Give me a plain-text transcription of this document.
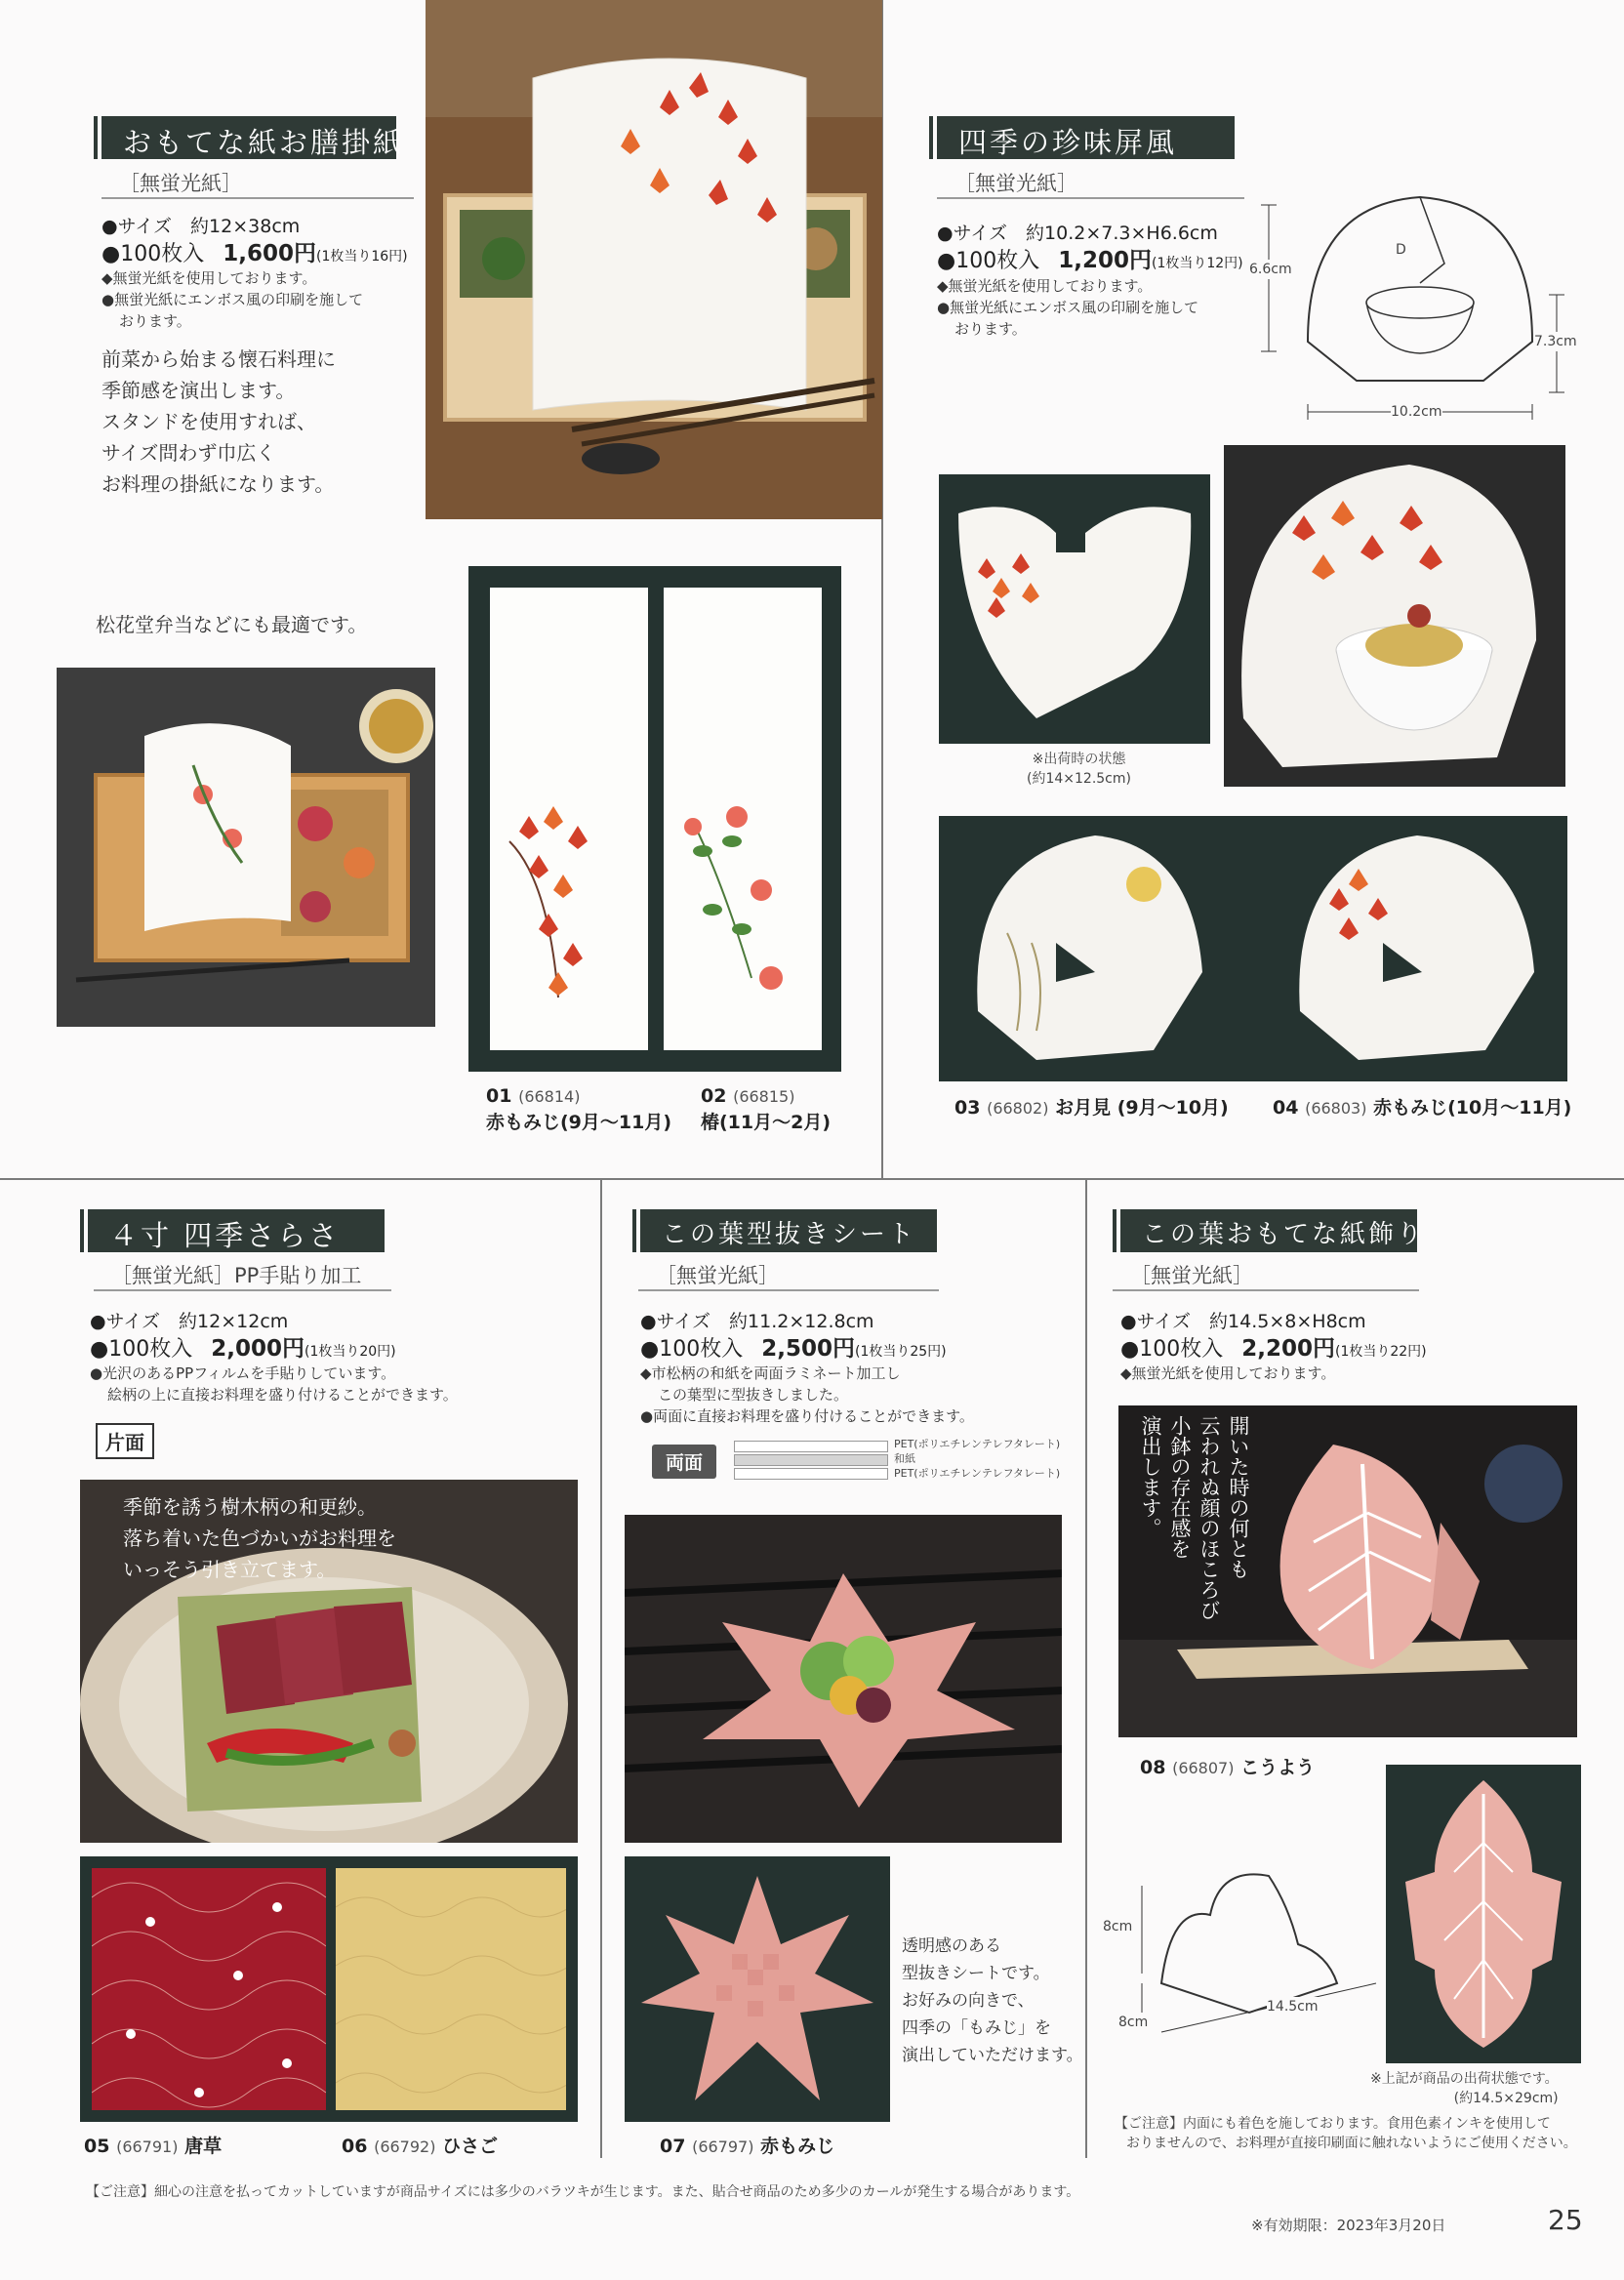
おもてな紙お膳掛紙
［無蛍光紙］
●サイズ　約12×38cm
●100枚入　 1,600円(1枚当り16円)
◆無蛍光紙を使用しております。
●無蛍光紙にエンボス風の印刷を施して
おります。
前菜から始まる懐石料理に
季節感を演出します。
スタンドを使用すれば、
サイズ問わず巾広く
お料理の掛紙になります。
松花堂弁当などにも最適です。
01 (66814)
赤もみじ(9月～11月)
02 (66815)
椿(11月～2月)
四季の珍味屏風
［無蛍光紙］
●サイズ　約10.2×7.3×H6.6cm
●100枚入　 1,200円(1枚当り12円)
◆無蛍光紙を使用しております。
●無蛍光紙にエンボス風の印刷を施して
おります。
6.6cm
7.3cm
10.2cm
D
※出荷時の状態
(約14×12.5cm)
03 (66802) お月見 (9月～10月) 04 (66803) 赤もみじ(10月～11月)
４寸 四季さらさ
［無蛍光紙］PP手貼り加工
●サイズ　約12×12cm
●100枚入　 2,000円(1枚当り20円)
●光沢のあるPPフィルムを手貼りしています。
絵柄の上に直接お料理を盛り付けることができます。
片面
季節を誘う樹木柄の和更紗。
落ち着いた色づかいがお料理を
いっそう引き立てます。
05 (66791) 唐草	06 (66792) ひさご
この葉型抜きシート
［無蛍光紙］
●サイズ　約11.2×12.8cm
●100枚入　 2,500円(1枚当り25円)
◆市松柄の和紙を両面ラミネート加工し
この葉型に型抜きしました。
●両面に直接お料理を盛り付けることができます。
両面
PET(ポリエチレンテレフタレート)
和紙
PET(ポリエチレンテレフタレート)
透明感のある
型抜きシートです。
お好みの向きで、
四季の「もみじ」を
演出していただけます。
07 (66797) 赤もみじ
この葉おもてな紙飾り
［無蛍光紙］
●サイズ　約14.5×8×H8cm
●100枚入　 2,200円(1枚当り22円)
◆無蛍光紙を使用しております。
開いた時の何とも
云われぬ顔のほころび
小鉢の存在感を
演出します。
08 (66807) こうよう
8cm
8cm
14.5cm
※上記が商品の出荷状態です。
(約14.5×29cm)
【ご注意】内面にも着色を施しております。食用色素インキを使用して
おりませんので、お料理が直接印刷面に触れないようにご使用ください。
【ご注意】細心の注意を払ってカットしていますが商品サイズには多少のバラツキが生じます。また、貼合せ商品のため多少のカールが発生する場合があります。
※有効期限：2023年3月20日	25
